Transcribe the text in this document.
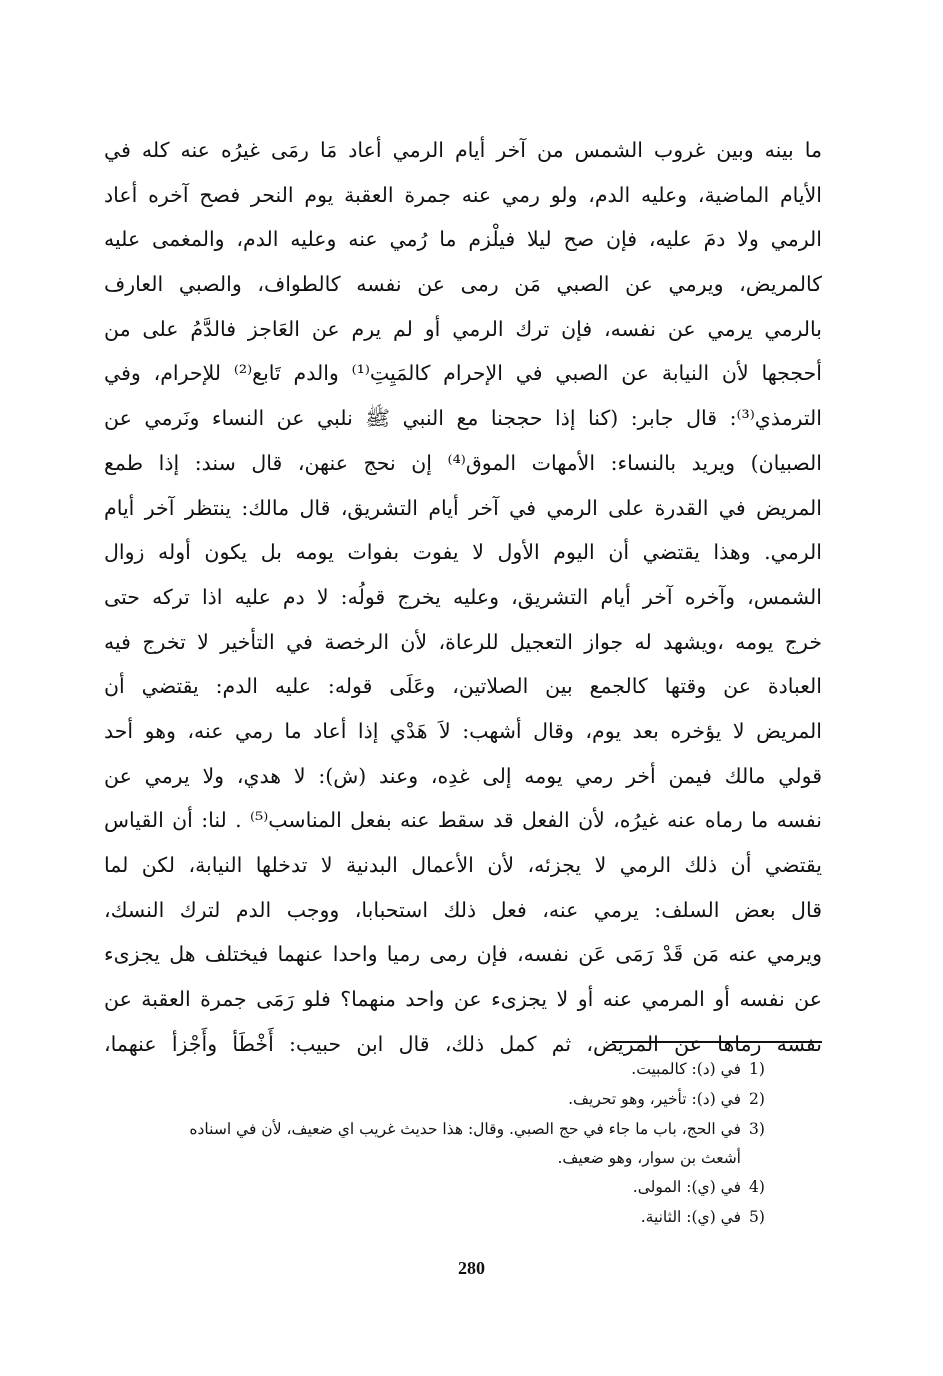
ما بينه وبين غروب الشمس من آخر أيام الرمي أعاد مَا رمَى غيرُه عنه كله في
الأيام الماضية، وعليه الدم، ولو رمي عنه جمرة العقبة يوم النحر فصح آخره أعاد
الرمي ولا دمَ عليه، فإن صح ليلا فيلْزم ما رُمي عنه وعليه الدم، والمغمى عليه
كالمريض، ويرمي عن الصبي مَن رمى عن نفسه كالطواف، والصبي العارف
بالرمي يرمي عن نفسه، فإن ترك الرمي أو لم يرم عن العَاجز فالدَّمُ على من
أحججها لأن النيابة عن الصبي في الإحرام كالمَيِتِ⁽¹⁾ والدم تَابع⁽²⁾ للإحرام، وفي
الترمذي⁽³⁾: قال جابر: (كنا إذا حججنا مع النبي ﷺ نلبي عن النساء ونَرمي عن
الصبيان) ويريد بالنساء: الأمهات الموق⁽⁴⁾ إن نحج عنهن، قال سند: إذا طمع
المريض في القدرة على الرمي في آخر أيام التشريق، قال مالك: ينتظر آخر أيام
الرمي. وهذا يقتضي أن اليوم الأول لا يفوت بفوات يومه بل يكون أوله زوال
الشمس، وآخره آخر أيام التشريق، وعليه يخرج قولُه: لا دم عليه اذا تركه حتى
خرج يومه ،ويشهد له جواز التعجيل للرعاة، لأن الرخصة في التأخير لا تخرج فيه
العبادة عن وقتها كالجمع بين الصلاتين، وعَلَى قوله: عليه الدم: يقتضي أن
المريض لا يؤخره بعد يوم، وقال أشهب: لاَ هَدْي إذا أعاد ما رمي عنه، وهو أحد
قولي مالك فيمن أخر رمي يومه إلى غدِه، وعند (ش): لا هدي، ولا يرمي عن
نفسه ما رماه عنه غيرُه، لأن الفعل قد سقط عنه بفعل المناسب⁽⁵⁾ . لنا: أن القياس
يقتضي أن ذلك الرمي لا يجزئه، لأن الأعمال البدنية لا تدخلها النيابة، لكن لما
قال بعض السلف: يرمي عنه، فعل ذلك استحبابا، ووجب الدم لترك النسك،
ويرمي عنه مَن قَدْ رَمَى عَن نفسه، فإن رمى رميا واحدا عنهما فيختلف هل يجزىء
عن نفسه أو المرمي عنه أو لا يجزىء عن واحد منهما؟ فلو رَمَى جمرة العقبة عن
نفسه رماها عن المريض، ثم كمل ذلك، قال ابن حبيب: أَخْطَأ وأَجْزأ عنهما،
1)
في (د): كالمبيت.
2)
في (د): تأخير، وهو تحريف.
3)
في الحج، باب ما جاء في حج الصبي. وقال: هذا حديث غريب اي ضعيف، لأن في اسناده
أشعث بن سوار، وهو ضعيف.
4)
في (ي): المولى.
5)
في (ي): الثانية.
280
